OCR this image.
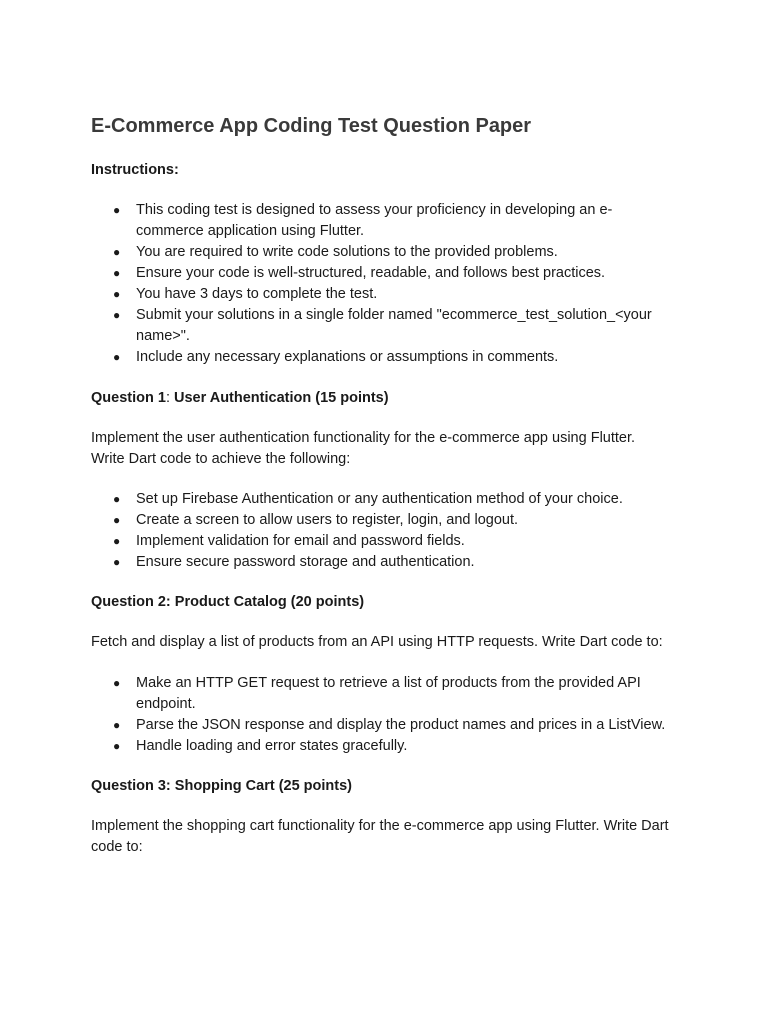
E-Commerce App Coding Test Question Paper

Instructions:

● This coding test is designed to assess your proficiency in developing an e-commerce application using Flutter.
● You are required to write code solutions to the provided problems.
● Ensure your code is well-structured, readable, and follows best practices.
● You have 3 days to complete the test.
● Submit your solutions in a single folder named "ecommerce_test_solution_<your name>".
● Include any necessary explanations or assumptions in comments.

Question 1: User Authentication (15 points)

Implement the user authentication functionality for the e-commerce app using Flutter. Write Dart code to achieve the following:

● Set up Firebase Authentication or any authentication method of your choice.
● Create a screen to allow users to register, login, and logout.
● Implement validation for email and password fields.
● Ensure secure password storage and authentication.

Question 2: Product Catalog (20 points)

Fetch and display a list of products from an API using HTTP requests. Write Dart code to:

● Make an HTTP GET request to retrieve a list of products from the provided API endpoint.
● Parse the JSON response and display the product names and prices in a ListView.
● Handle loading and error states gracefully.

Question 3: Shopping Cart (25 points)

Implement the shopping cart functionality for the e-commerce app using Flutter. Write Dart code to:
